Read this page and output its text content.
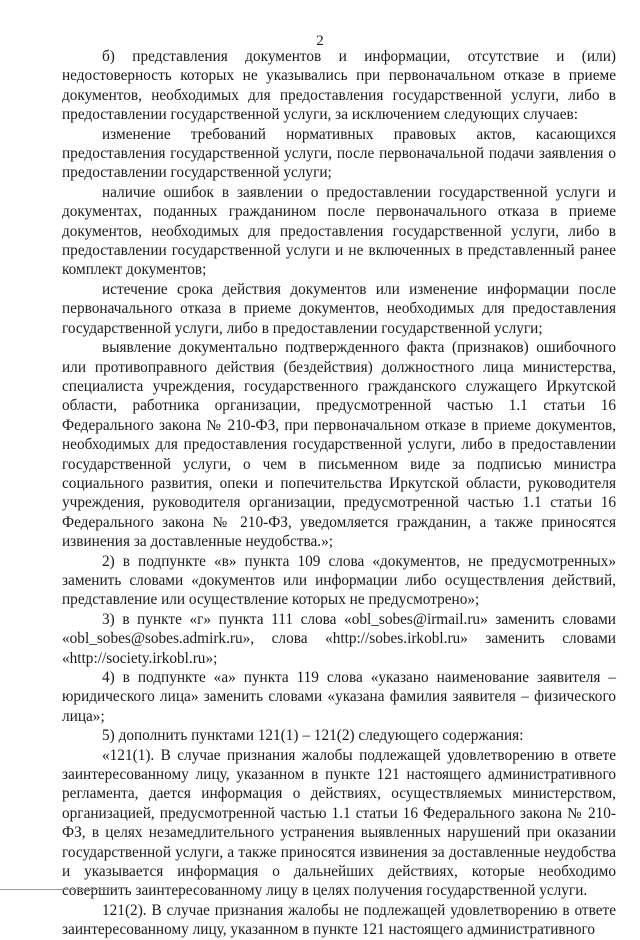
2

б) представления документов и информации, отсутствие и (или) недостоверность которых не указывались при первоначальном отказе в приеме документов, необходимых для предоставления государственной услуги, либо в предоставлении государственной услуги, за исключением следующих случаев:

изменение требований нормативных правовых актов, касающихся предоставления государственной услуги, после первоначальной подачи заявления о предоставлении государственной услуги;

наличие ошибок в заявлении о предоставлении государственной услуги и документах, поданных гражданином после первоначального отказа в приеме документов, необходимых для предоставления государственной услуги, либо в предоставлении государственной услуги и не включенных в представленный ранее комплект документов;

истечение срока действия документов или изменение информации после первоначального отказа в приеме документов, необходимых для предоставления государственной услуги, либо в предоставлении государственной услуги;

выявление документально подтвержденного факта (признаков) ошибочного или противоправного действия (бездействия) должностного лица министерства, специалиста учреждения, государственного гражданского служащего Иркутской области, работника организации, предусмотренной частью 1.1 статьи 16 Федерального закона № 210-ФЗ, при первоначальном отказе в приеме документов, необходимых для предоставления государственной услуги, либо в предоставлении государственной услуги, о чем в письменном виде за подписью министра социального развития, опеки и попечительства Иркутской области, руководителя учреждения, руководителя организации, предусмотренной частью 1.1 статьи 16 Федерального закона № 210-ФЗ, уведомляется гражданин, а также приносятся извинения за доставленные неудобства.»;

2) в подпункте «в» пункта 109 слова «документов, не предусмотренных» заменить словами «документов или информации либо осуществления действий, представление или осуществление которых не предусмотрено»;

3) в пункте «г» пункта 111 слова «obl_sobes@irmail.ru» заменить словами «obl_sobes@sobes.admirk.ru», слова «http://sobes.irkobl.ru» заменить словами «http://society.irkobl.ru»;

4) в подпункте «а» пункта 119 слова «указано наименование заявителя – юридического лица» заменить словами «указана фамилия заявителя – физического лица»;

5) дополнить пунктами 121(1) – 121(2) следующего содержания:

«121(1). В случае признания жалобы подлежащей удовлетворению в ответе заинтересованному лицу, указанном в пункте 121 настоящего административного регламента, дается информация о действиях, осуществляемых министерством, организацией, предусмотренной частью 1.1 статьи 16 Федерального закона № 210-ФЗ, в целях незамедлительного устранения выявленных нарушений при оказании государственной услуги, а также приносятся извинения за доставленные неудобства и указывается информация о дальнейших действиях, которые необходимо совершить заинтересованному лицу в целях получения государственной услуги.

121(2). В случае признания жалобы не подлежащей удовлетворению в ответе заинтересованному лицу, указанном в пункте 121 настоящего административного
